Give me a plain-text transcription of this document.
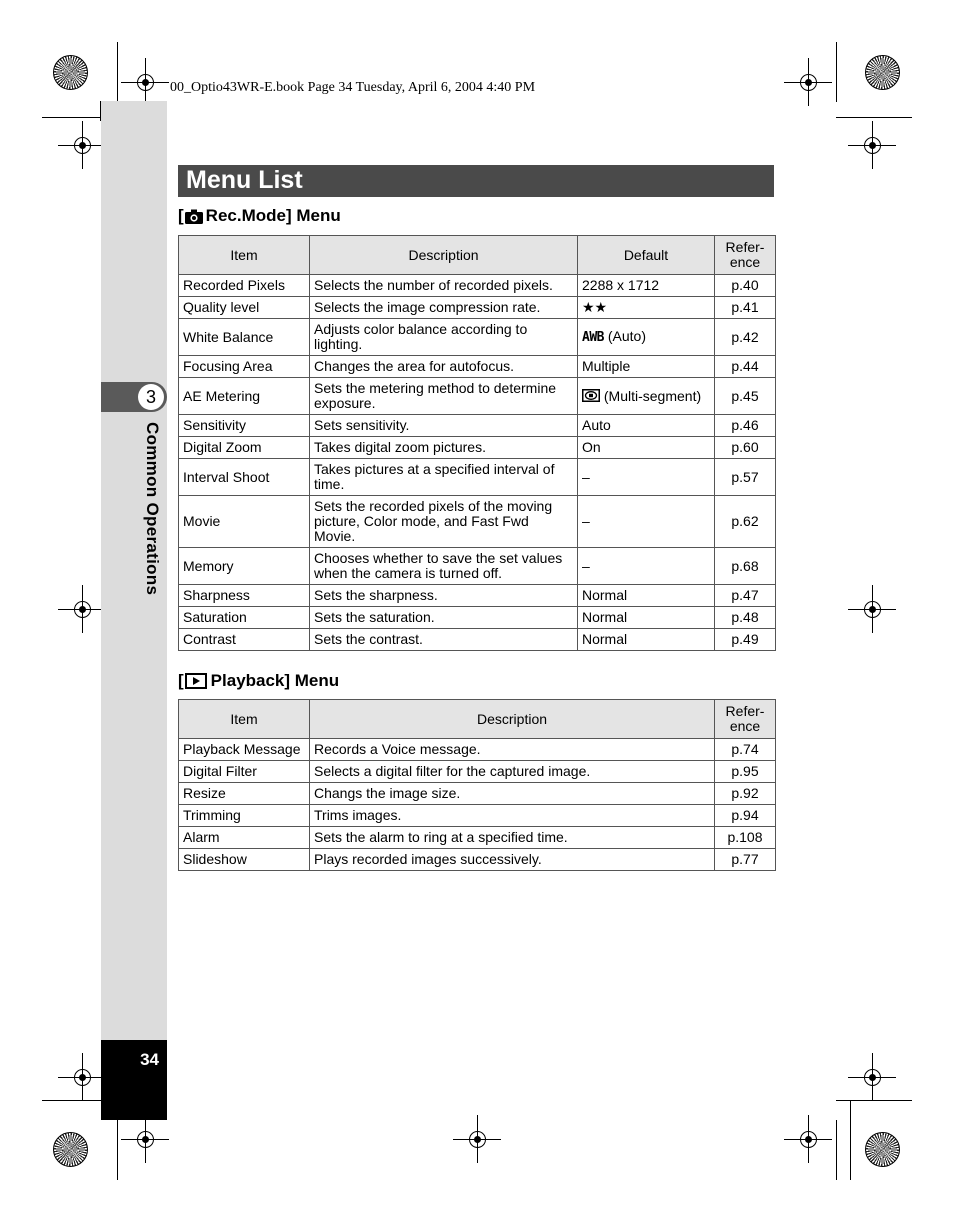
3
Common Operations
34
00_Optio43WR-E.book Page 34 Tuesday, April 6, 2004 4:40 PM
Menu List
[ Rec.Mode] Menu
Item	Description	Default	Refer-
ence
Recorded Pixels	Selects the number of recorded pixels.	2288 x 1712	p.40
Quality level	Selects the image compression rate.	★★	p.41
White Balance	Adjusts color balance according to lighting.	AWB (Auto)	p.42
Focusing Area	Changes the area for autofocus.	Multiple	p.44
AE Metering	Sets the metering method to determine exposure.	(Multi-segment)	p.45
Sensitivity	Sets sensitivity.	Auto	p.46
Digital Zoom	Takes digital zoom pictures.	On	p.60
Interval Shoot	Takes pictures at a specified interval of time.	–	p.57
Movie	Sets the recorded pixels of the moving picture, Color mode, and Fast Fwd Movie.	–	p.62
Memory	Chooses whether to save the set values when the camera is turned off.	–	p.68
Sharpness	Sets the sharpness.	Normal	p.47
Saturation	Sets the saturation.	Normal	p.48
Contrast	Sets the contrast.	Normal	p.49
[ Playback] Menu
Item	Description	Refer-
ence
Playback Message	Records a Voice message.	p.74
Digital Filter	Selects a digital filter for the captured image.	p.95
Resize	Changs the image size.	p.92
Trimming	Trims images.	p.94
Alarm	Sets the alarm to ring at a specified time.	p.108
Slideshow	Plays recorded images successively.	p.77
